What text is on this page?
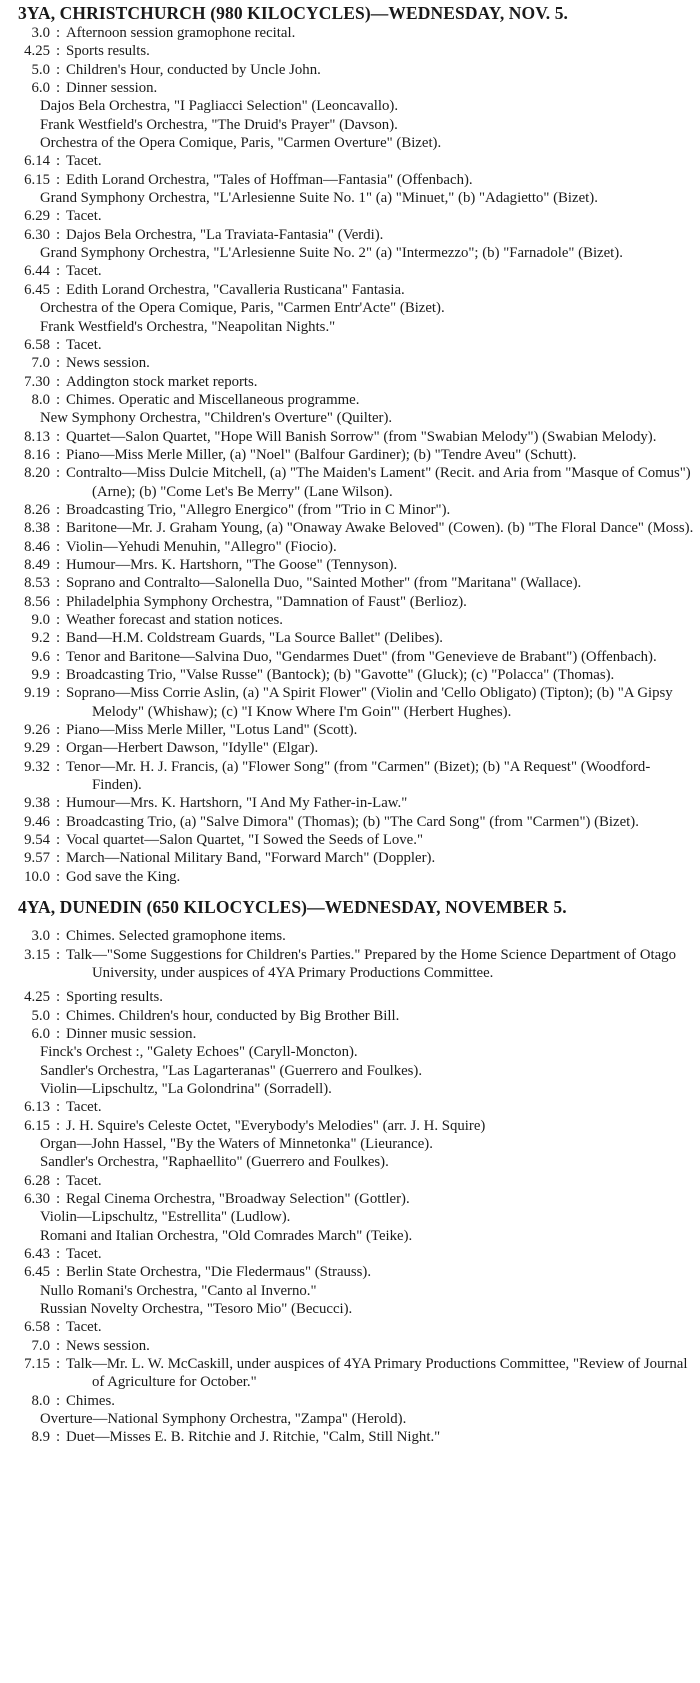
3YA, CHRISTCHURCH (980 KILOCYCLES)—WEDNESDAY, NOV. 5.
3.0 : Afternoon session gramophone recital.
4.25 : Sports results.
5.0 : Children's Hour, conducted by Uncle John.
6.0 : Dinner session.
Dajos Bela Orchestra, "I Pagliacci Selection" (Leoncavallo).
Frank Westfield's Orchestra, "The Druid's Prayer" (Davson).
Orchestra of the Opera Comique, Paris, "Carmen Overture" (Bizet).
6.14 : Tacet.
6.15 : Edith Lorand Orchestra, "Tales of Hoffman—Fantasia" (Offenbach).
Grand Symphony Orchestra, "L'Arlesienne Suite No. 1" (a) "Minuet," (b) "Adagietto" (Bizet).
6.29 : Tacet.
6.30 : Dajos Bela Orchestra, "La Traviata-Fantasia" (Verdi).
Grand Symphony Orchestra, "L'Arlesienne Suite No. 2" (a) "Intermezzo"; (b) "Farnadole" (Bizet).
6.44 : Tacet.
6.45 : Edith Lorand Orchestra, "Cavalleria Rusticana" Fantasia.
Orchestra of the Opera Comique, Paris, "Carmen Entr'Acte" (Bizet).
Frank Westfield's Orchestra, "Neapolitan Nights."
6.58 : Tacet.
7.0 : News session.
7.30 : Addington stock market reports.
8.0 : Chimes. Operatic and Miscellaneous programme.
New Symphony Orchestra, "Children's Overture" (Quilter).
8.13 : Quartet—Salon Quartet, "Hope Will Banish Sorrow" (from "Swabian Melody") (Swabian Melody).
8.16 : Piano—Miss Merle Miller, (a) "Noel" (Balfour Gardiner); (b) "Tendre Aveu" (Schutt).
8.20 : Contralto—Miss Dulcie Mitchell, (a) "The Maiden's Lament" (Recit. and Aria from "Masque of Comus") (Arne); (b) "Come Let's Be Merry" (Lane Wilson).
8.26 : Broadcasting Trio, "Allegro Energico" (from "Trio in C Minor").
8.38 : Baritone—Mr. J. Graham Young, (a) "Onaway Awake Beloved" (Cowen). (b) "The Floral Dance" (Moss).
8.46 : Violin—Yehudi Menuhin, "Allegro" (Fiocio).
8.49 : Humour—Mrs. K. Hartshorn, "The Goose" (Tennyson).
8.53 : Soprano and Contralto—Salonella Duo, "Sainted Mother" (from "Maritana" (Wallace).
8.56 : Philadelphia Symphony Orchestra, "Damnation of Faust" (Berlioz).
9.0 : Weather forecast and station notices.
9.2 : Band—H.M. Coldstream Guards, "La Source Ballet" (Delibes).
9.6 : Tenor and Baritone—Salvina Duo, "Gendarmes Duet" (from "Genevieve de Brabant") (Offenbach).
9.9 : Broadcasting Trio, "Valse Russe" (Bantock); (b) "Gavotte" (Gluck); (c) "Polacca" (Thomas).
9.19 : Soprano—Miss Corrie Aslin, (a) "A Spirit Flower" (Violin and 'Cello Obligato) (Tipton); (b) "A Gipsy Melody" (Whishaw); (c) "I Know Where I'm Goin'" (Herbert Hughes).
9.26 : Piano—Miss Merle Miller, "Lotus Land" (Scott).
9.29 : Organ—Herbert Dawson, "Idylle" (Elgar).
9.32 : Tenor—Mr. H. J. Francis, (a) "Flower Song" (from "Carmen" (Bizet); (b) "A Request" (Woodford-Finden).
9.38 : Humour—Mrs. K. Hartshorn, "I And My Father-in-Law."
9.46 : Broadcasting Trio, (a) "Salve Dimora" (Thomas); (b) "The Card Song" (from "Carmen") (Bizet).
9.54 : Vocal quartet—Salon Quartet, "I Sowed the Seeds of Love."
9.57 : March—National Military Band, "Forward March" (Doppler).
10.0 : God save the King.
4YA, DUNEDIN (650 KILOCYCLES)—WEDNESDAY, NOVEMBER 5.
3.0 : Chimes. Selected gramophone items.
3.15 : Talk—"Some Suggestions for Children's Parties." Prepared by the Home Science Department of Otago University, under auspices of 4YA Primary Productions Committee.
4.25 : Sporting results.
5.0 : Chimes. Children's hour, conducted by Big Brother Bill.
6.0 : Dinner music session.
Finck's Orchest :, "Galety Echoes" (Caryll-Moncton).
Sandler's Orchestra, "Las Lagarteranas" (Guerrero and Foulkes).
Violin—Lipschultz, "La Golondrina" (Sorradell).
6.13 : Tacet.
6.15 : J. H. Squire's Celeste Octet, "Everybody's Melodies" (arr. J. H. Squire)
Organ—John Hassel, "By the Waters of Minnetonka" (Lieurance).
Sandler's Orchestra, "Raphaellito" (Guerrero and Foulkes).
6.28 : Tacet.
6.30 : Regal Cinema Orchestra, "Broadway Selection" (Gottler).
Violin—Lipschultz, "Estrellita" (Ludlow).
Romani and Italian Orchestra, "Old Comrades March" (Teike).
6.43 : Tacet.
6.45 : Berlin State Orchestra, "Die Fledermaus" (Strauss).
Nullo Romani's Orchestra, "Canto al Inverno."
Russian Novelty Orchestra, "Tesoro Mio" (Becucci).
6.58 : Tacet.
7.0 : News session.
7.15 : Talk—Mr. L. W. McCaskill, under auspices of 4YA Primary Productions Committee, "Review of Journal of Agriculture for October."
8.0 : Chimes.
Overture—National Symphony Orchestra, "Zampa" (Herold).
8.9 : Duet—Misses E. B. Ritchie and J. Ritchie, "Calm, Still Night."
